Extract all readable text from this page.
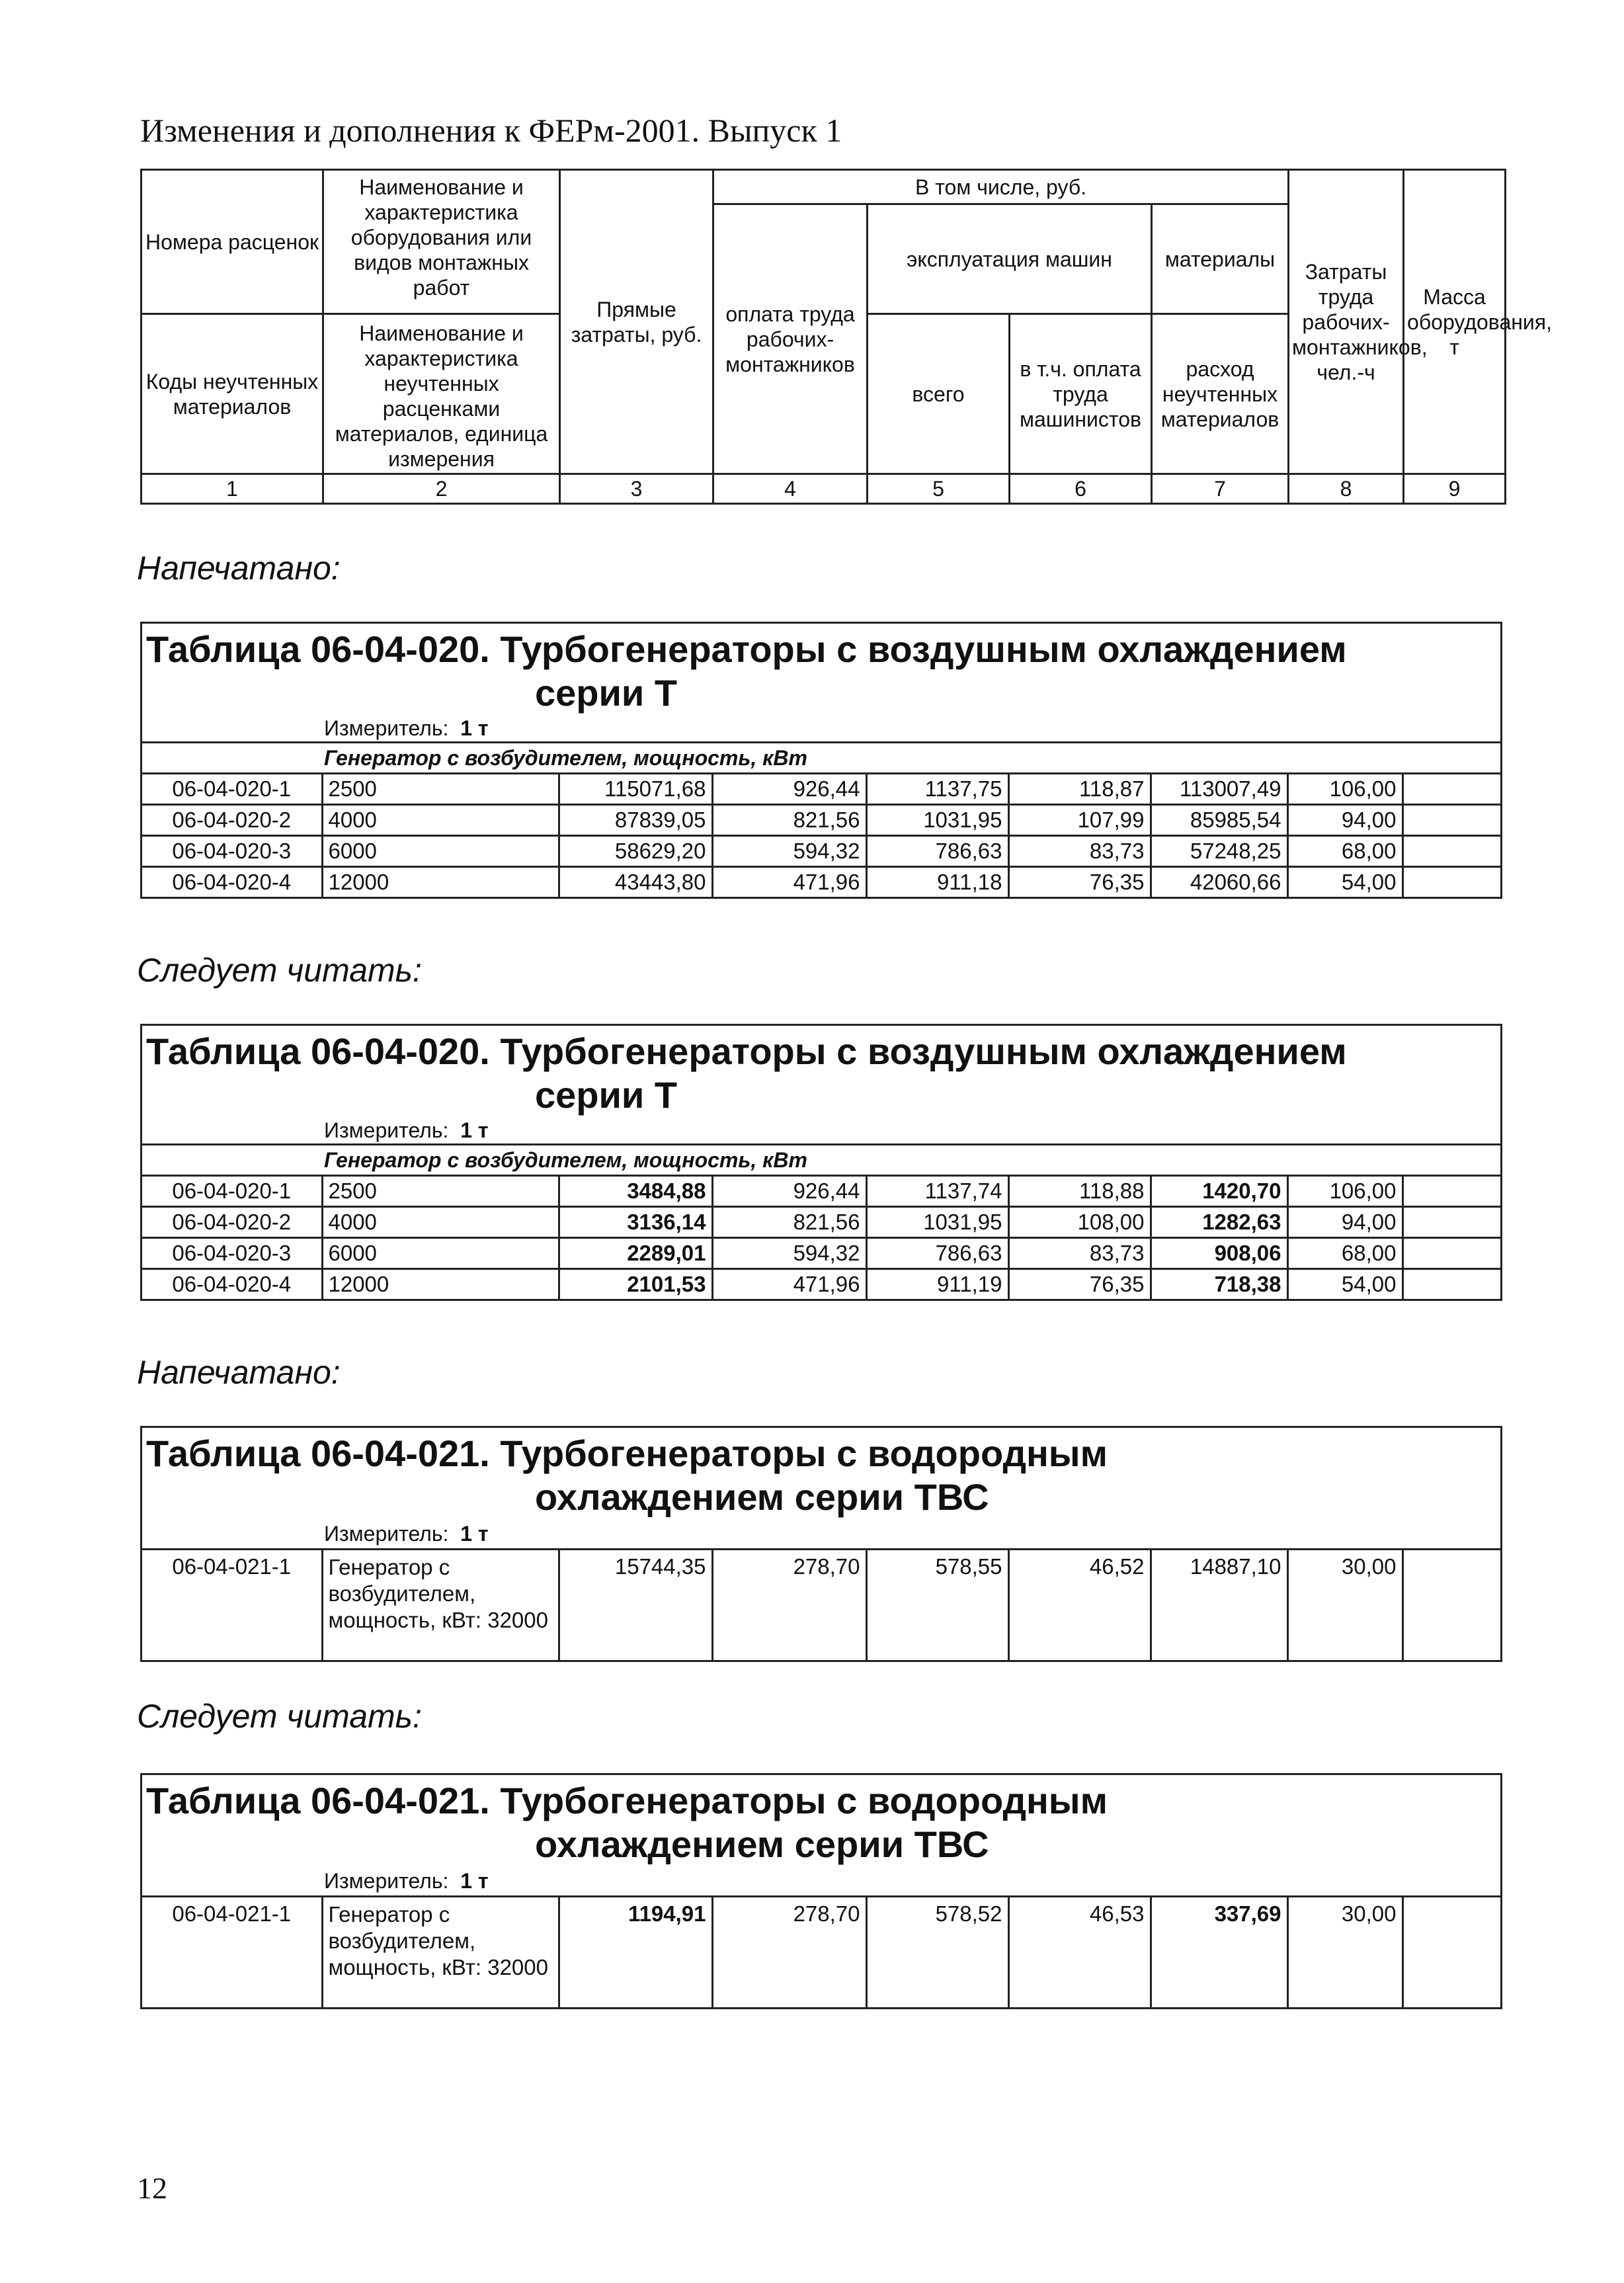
Изменения и дополнения к ФЕРм-2001. Выпуск 1
Номера расценок	Наименование и характеристика оборудования или видов монтажных работ	Прямые затраты, руб.	В том числе, руб.				Затраты труда рабочих-монтажников, чел.-ч	Масса оборудования, т
			оплата труда рабочих-монтажников	эксплуатация машин		материалы		

Коды неучтенных материалов	Наименование и характеристика неучтенных расценками материалов, единица измерения			всего	в т.ч. оплата труда машинистов	расход неучтенных материалов		

1	2	3	4	5	6	7	8	9
Напечатано:
Таблица 06-04-020. Турбогенераторы с воздушным охлаждением
серии Т
Измеритель: 1 т
Генератор с возбудителем, мощность, кВт
06-04-020-1	2500	115071,68	926,44	1137,75	118,87	113007,49	106,00	
06-04-020-2	4000	87839,05	821,56	1031,95	107,99	85985,54	94,00	
06-04-020-3	6000	58629,20	594,32	786,63	83,73	57248,25	68,00	
06-04-020-4	12000	43443,80	471,96	911,18	76,35	42060,66	54,00	
Следует читать:
Таблица 06-04-020. Турбогенераторы с воздушным охлаждением
серии Т
Измеритель: 1 т
Генератор с возбудителем, мощность, кВт
06-04-020-1	2500	3484,88	926,44	1137,74	118,88	1420,70	106,00	
06-04-020-2	4000	3136,14	821,56	1031,95	108,00	1282,63	94,00	
06-04-020-3	6000	2289,01	594,32	786,63	83,73	908,06	68,00	
06-04-020-4	12000	2101,53	471,96	911,19	76,35	718,38	54,00	
Напечатано:
Таблица 06-04-021. Турбогенераторы с водородным
охлаждением серии ТВС
Измеритель: 1 т
06-04-021-1	Генератор с возбудителем, мощность, кВт: 32000	15744,35	278,70	578,55	46,52	14887,10	30,00	
Следует читать:
Таблица 06-04-021. Турбогенераторы с водородным
охлаждением серии ТВС
Измеритель: 1 т
06-04-021-1	Генератор с возбудителем, мощность, кВт: 32000	1194,91	278,70	578,52	46,53	337,69	30,00	
12
